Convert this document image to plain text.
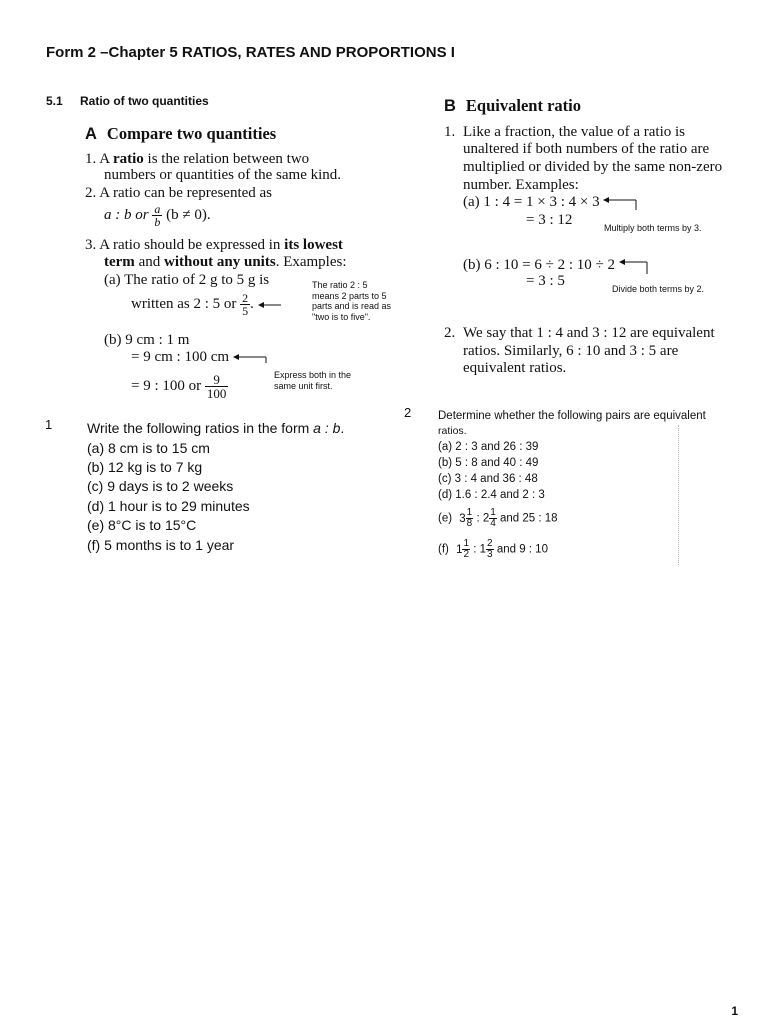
Form 2 –Chapter 5 RATIOS, RATES AND PROPORTIONS I
5.1 Ratio of two quantities
A Compare two quantities
1. A ratio is the relation between two
numbers or quantities of the same kind.
2. A ratio can be represented as
a : b or $\frac{a}{b} (b \ne 0)$.
3. A ratio should be expressed in its lowest
term and without any units. Examples:
(a) The ratio of 2 g to 5 g is
written as 2 : 5 or $\frac{2}{5}$ .
The ratio 2 : 5 means 2 parts to 5 parts and is read as "two is to five".
(b) 9 cm : 1 m
= 9 cm : 100 cm
= 9 : 100 or $\frac{9}{100}$	Express both in the same unit first.
B Equivalent ratio
1. Like a fraction, the value of a ratio is
unaltered if both numbers of the ratio are
multiplied or divided by the same non-zero
number. Examples:
(a) 1 : 4 = 1 × 3 : 4 × 3
= 3 : 12	Multiply both terms by 3.
(b) 6 : 10 = 6 ÷ 2 : 10 ÷ 2
= 3 : 5	Divide both terms by 2.
2. We say that 1 : 4 and 3 : 12 are equivalent
ratios. Similarly, 6 : 10 and 3 : 5 are
equivalent ratios.
1 Write the following ratios in the form a : b.
(a) 8 cm is to 15 cm
(b) 12 kg is to 7 kg
(c) 9 days is to 2 weeks
(d) 1 hour is to 29 minutes
(e) 8°C is to 15°C
(f) 5 months is to 1 year
2 Determine whether the following pairs are equivalent
ratios.
(a) 2 : 3 and 26 : 39
(b) 5 : 8 and 40 : 49
(c) 3 : 4 and 36 : 48
(d) 1.6 : 2.4 and 2 : 3
(e) $3 \frac{1}{8}$ : $2 \frac{1}{4}$ and 25 : 18
(f) $1 \frac{1}{2}$ : $1 \frac{2}{3}$ and 9 : 10
1
